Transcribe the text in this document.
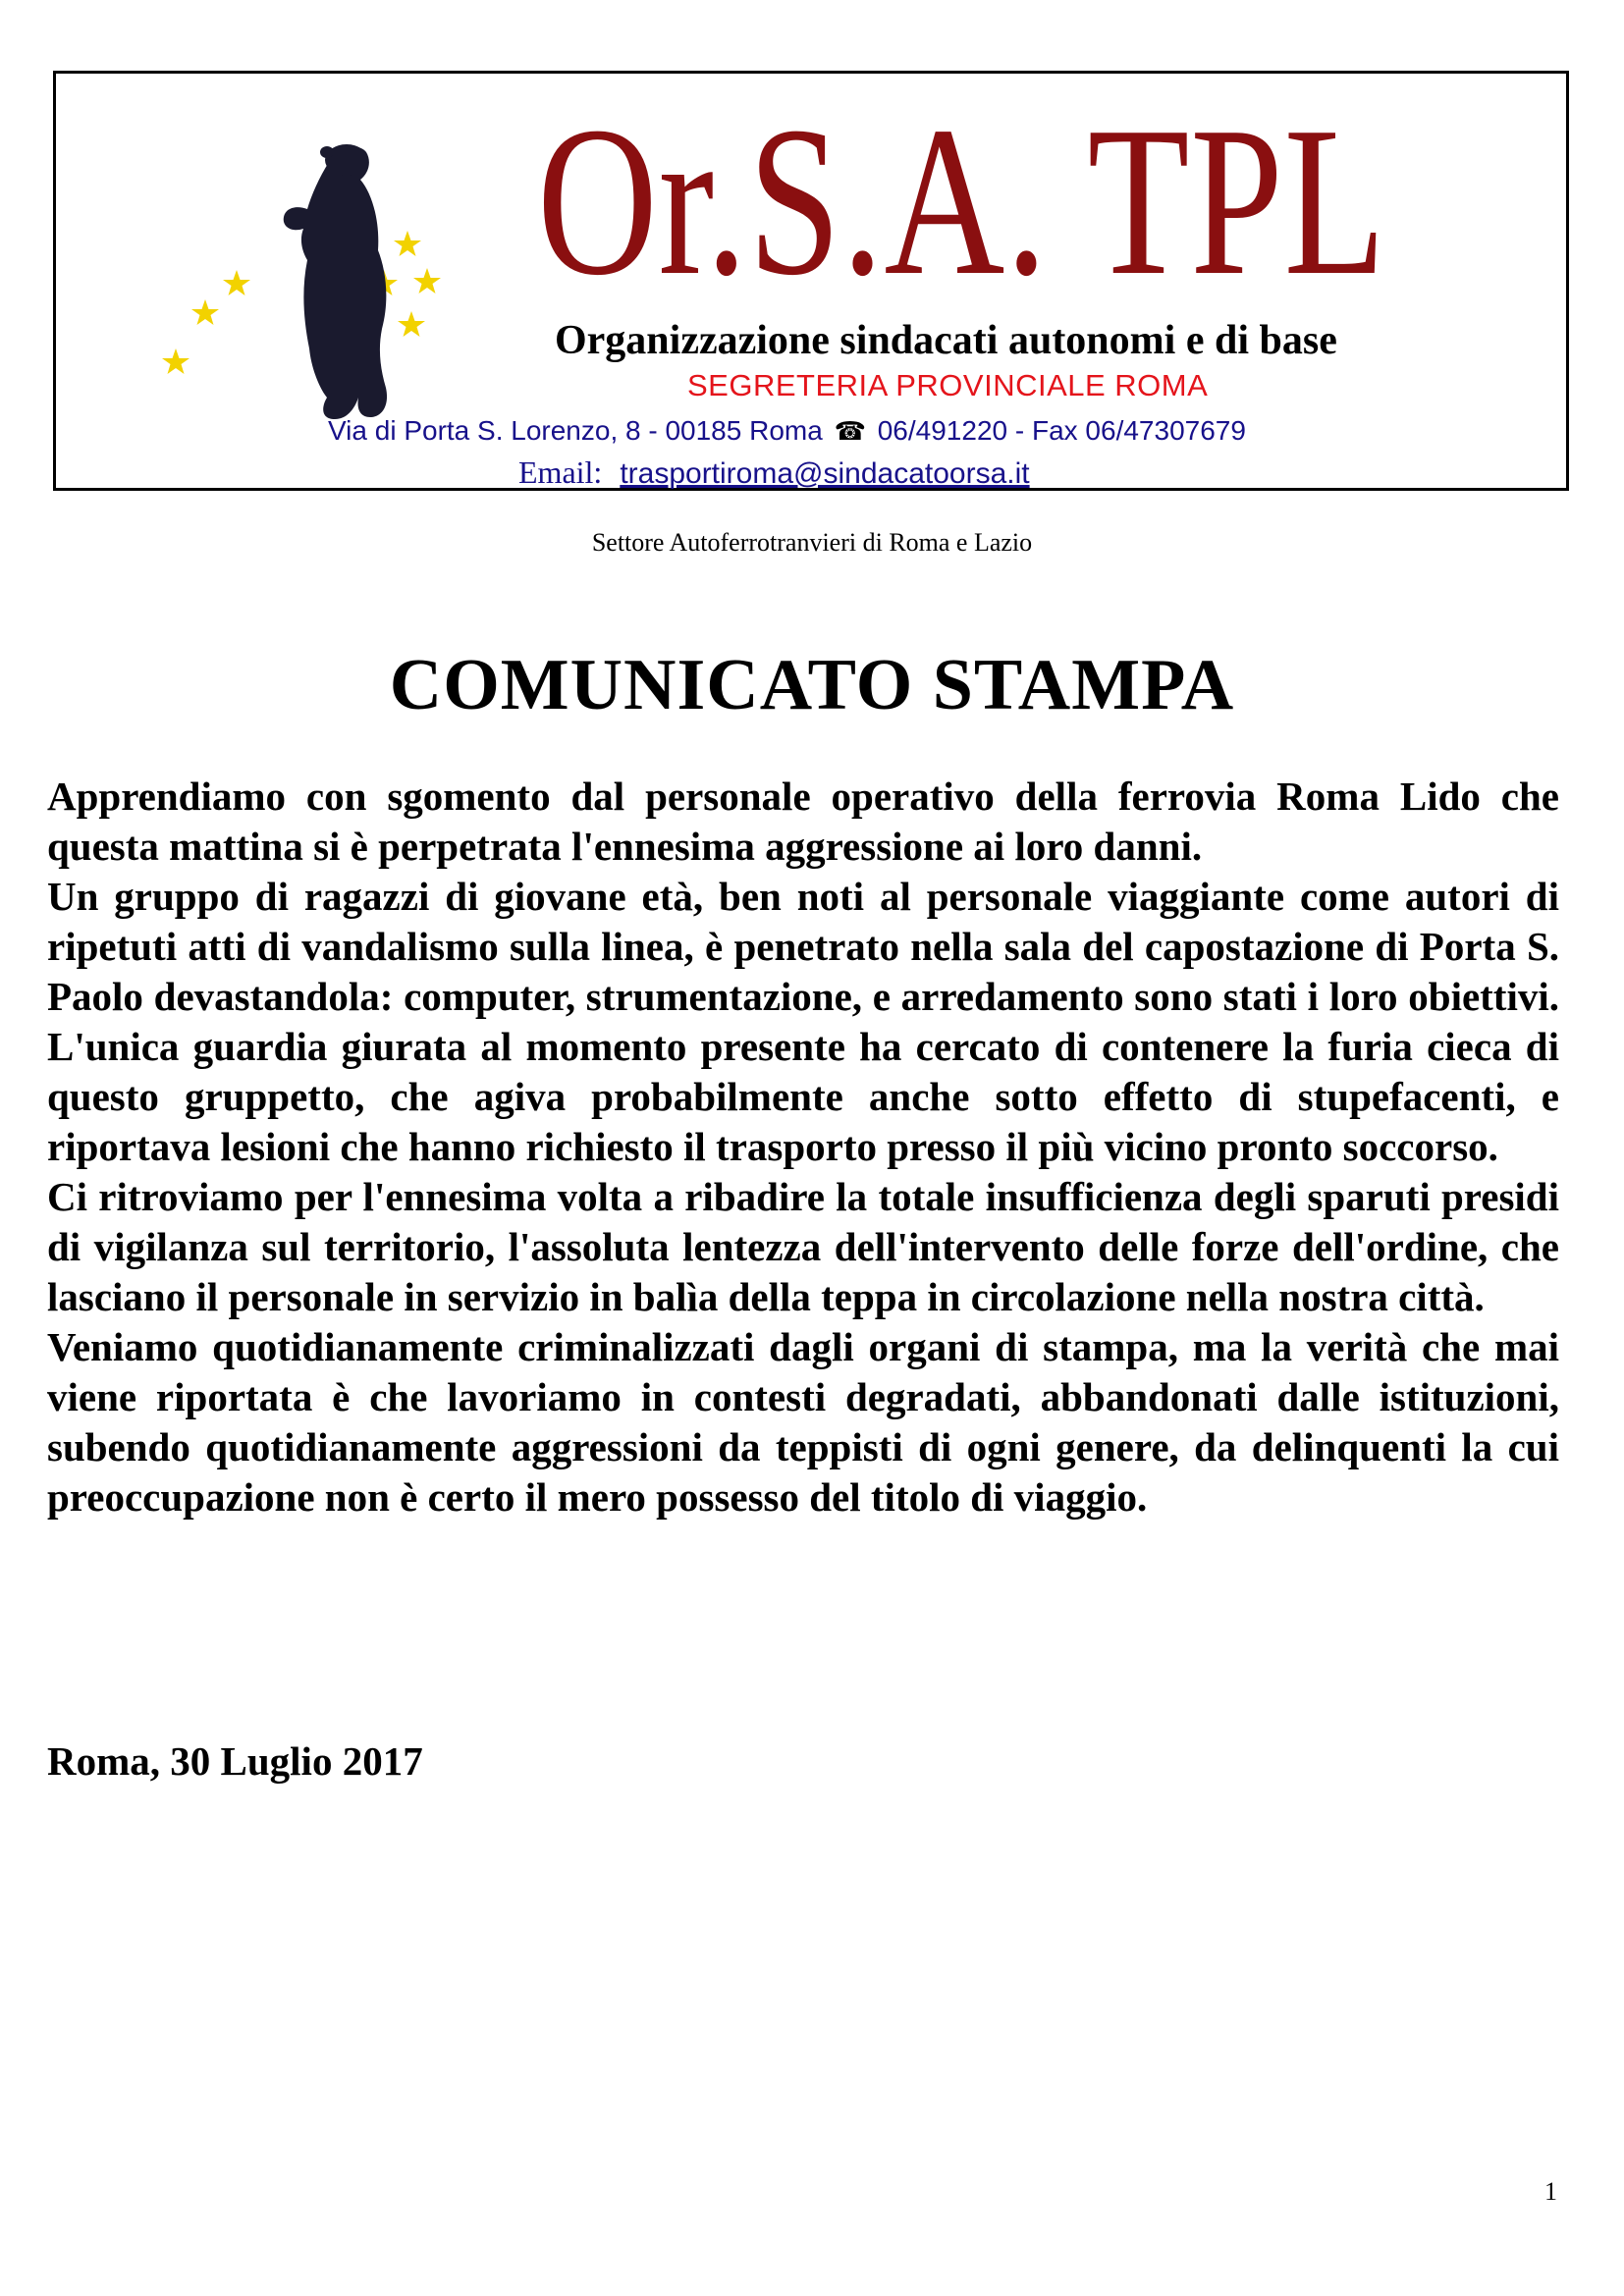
Or.S.A. TPL
Organizzazione sindacati autonomi e di base
SEGRETERIA PROVINCIALE ROMA
Via di Porta S. Lorenzo, 8 - 00185 Roma ☎ 06/491220 - Fax 06/47307679
Email: trasportiroma@sindacatoorsa.it
Settore Autoferrotranvieri di Roma e Lazio
COMUNICATO STAMPA

Apprendiamo con sgomento dal personale operativo della ferrovia Roma Lido che questa mattina si è perpetrata l'ennesima aggressione ai loro danni.

Un gruppo di ragazzi di giovane età, ben noti al personale viaggiante come autori di ripetuti atti di vandalismo sulla linea, è penetrato nella sala del capostazione di Porta S. Paolo devastandola: computer, strumentazione, e arredamento sono stati i loro obiettivi. L'unica guardia giurata al momento presente ha cercato di contenere la furia cieca di questo gruppetto, che agiva probabilmente anche sotto effetto di stupefacenti, e riportava lesioni che hanno richiesto il trasporto presso il più vicino pronto soccorso.

Ci ritroviamo per l'ennesima volta a ribadire la totale insufficienza degli sparuti presidi di vigilanza sul territorio, l'assoluta lentezza dell'intervento delle forze dell'ordine, che lasciano il personale in servizio in balìa della teppa in circolazione nella nostra città.

Veniamo quotidianamente criminalizzati dagli organi di stampa, ma la verità che mai viene riportata è che lavoriamo in contesti degradati, abbandonati dalle istituzioni, subendo quotidianamente aggressioni da teppisti di ogni genere, da delinquenti la cui preoccupazione non è certo il mero possesso del titolo di viaggio.

Roma, 30 Luglio 2017
1
